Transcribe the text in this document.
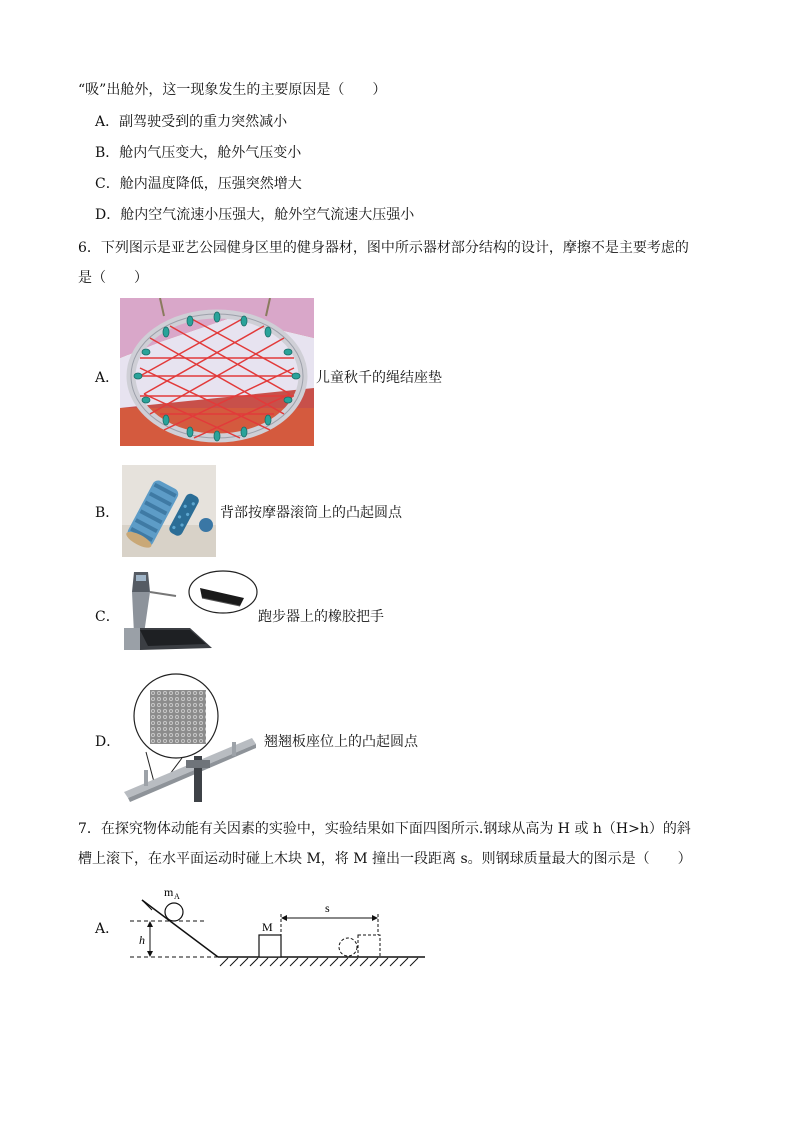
“吸”出舱外，这一现象发生的主要原因是（　　）
A．副驾驶受到的重力突然减小
B．舱内气压变大，舱外气压变小
C．舱内温度降低，压强突然增大
D．舱内空气流速小压强大，舱外空气流速大压强小
6．下列图示是亚艺公园健身区里的健身器材，图中所示器材部分结构的设计，摩擦不是主要考虑的
是（　　）
A．	儿童秋千的绳结座垫
B．	背部按摩器滚筒上的凸起圆点
C．	跑步器上的橡胶把手
D．	翘翘板座位上的凸起圆点
7．在探究物体动能有关因素的实验中，实验结果如下面四图所示.钢球从高为 H 或 h（H>h）的斜
槽上滚下，在水平面运动时碰上木块 M，将 M 撞出一段距离 s。则钢球质量最大的图示是（　　）
A．
h
m A
M
s
